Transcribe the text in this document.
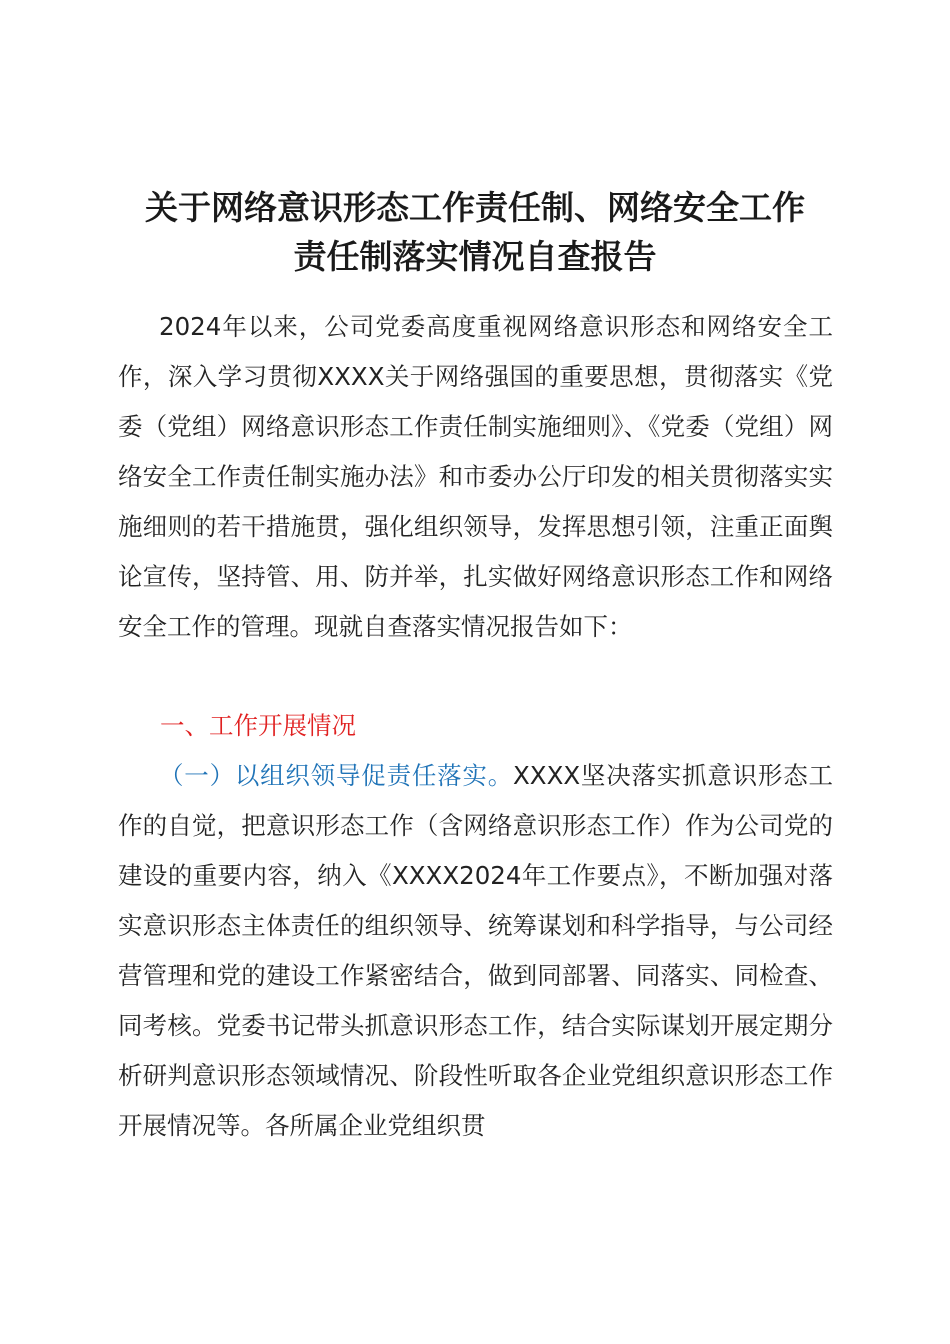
关于网络意识形态工作责任制、网络安全工作
责任制落实情况自查报告
2024年以来，公司党委高度重视网络意识形态和网络安全工作，深入学习贯彻XXXX关于网络强国的重要思想，贯彻落实《党委（党组）网络意识形态工作责任制实施细则》、《党委（党组）网络安全工作责任制实施办法》和市委办公厅印发的相关贯彻落实实施细则的若干措施贯，强化组织领导，发挥思想引领，注重正面舆论宣传，坚持管、用、防并举，扎实做好网络意识形态工作和网络安全工作的管理。现就自查落实情况报告如下：
一、工作开展情况
（一）以组织领导促责任落实。XXXX坚决落实抓意识形态工作的自觉，把意识形态工作（含网络意识形态工作）作为公司党的建设的重要内容，纳入《XXXX2024年工作要点》，不断加强对落实意识形态主体责任的组织领导、统筹谋划和科学指导，与公司经营管理和党的建设工作紧密结合，做到同部署、同落实、同检查、同考核。党委书记带头抓意识形态工作，结合实际谋划开展定期分析研判意识形态领域情况、阶段性听取各企业党组织意识形态工作开展情况等。各所属企业党组织贯
